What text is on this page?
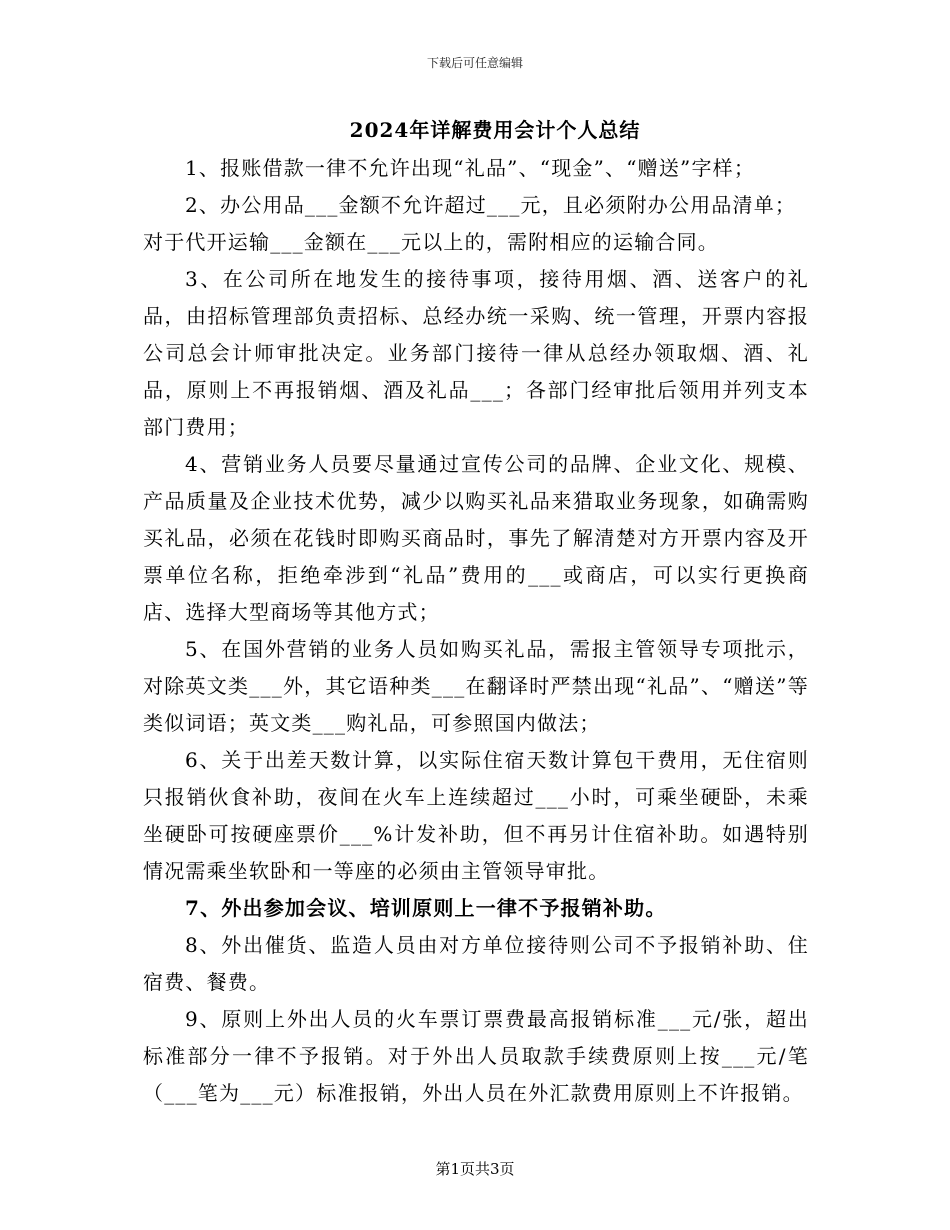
下载后可任意编辑
2024年详解费用会计个人总结

1、报账借款一律不允许出现“礼品”、“现金”、“赠送”字样；

2、办公用品___金额不允许超过___元，且必须附办公用品清单；

对于代开运输___金额在___元以上的，需附相应的运输合同。

3、在公司所在地发生的接待事项，接待用烟、酒、送客户的礼品，由招标管理部负责招标、总经办统一采购、统一管理，开票内容报公司总会计师审批决定。业务部门接待一律从总经办领取烟、酒、礼品，原则上不再报销烟、酒及礼品___；各部门经审批后领用并列支本部门费用；

4、营销业务人员要尽量通过宣传公司的品牌、企业文化、规模、产品质量及企业技术优势，减少以购买礼品来猎取业务现象，如确需购买礼品，必须在花钱时即购买商品时，事先了解清楚对方开票内容及开票单位名称，拒绝牵涉到“礼品”费用的___或商店，可以实行更换商店、选择大型商场等其他方式；

5、在国外营销的业务人员如购买礼品，需报主管领导专项批示，对除英文类___外，其它语种类___在翻译时严禁出现“礼品”、“赠送”等类似词语；英文类___购礼品，可参照国内做法；

6、关于出差天数计算，以实际住宿天数计算包干费用，无住宿则只报销伙食补助，夜间在火车上连续超过___小时，可乘坐硬卧，未乘坐硬卧可按硬座票价___%计发补助，但不再另计住宿补助。如遇特别情况需乘坐软卧和一等座的必须由主管领导审批。

7、外出参加会议、培训原则上一律不予报销补助。

8、外出催货、监造人员由对方单位接待则公司不予报销补助、住宿费、餐费。

9、原则上外出人员的火车票订票费最高报销标准___元/张，超出标准部分一律不予报销。对于外出人员取款手续费原则上按___元/笔（___笔为___元）标准报销，外出人员在外汇款费用原则上不许报销。

第1页共3页
